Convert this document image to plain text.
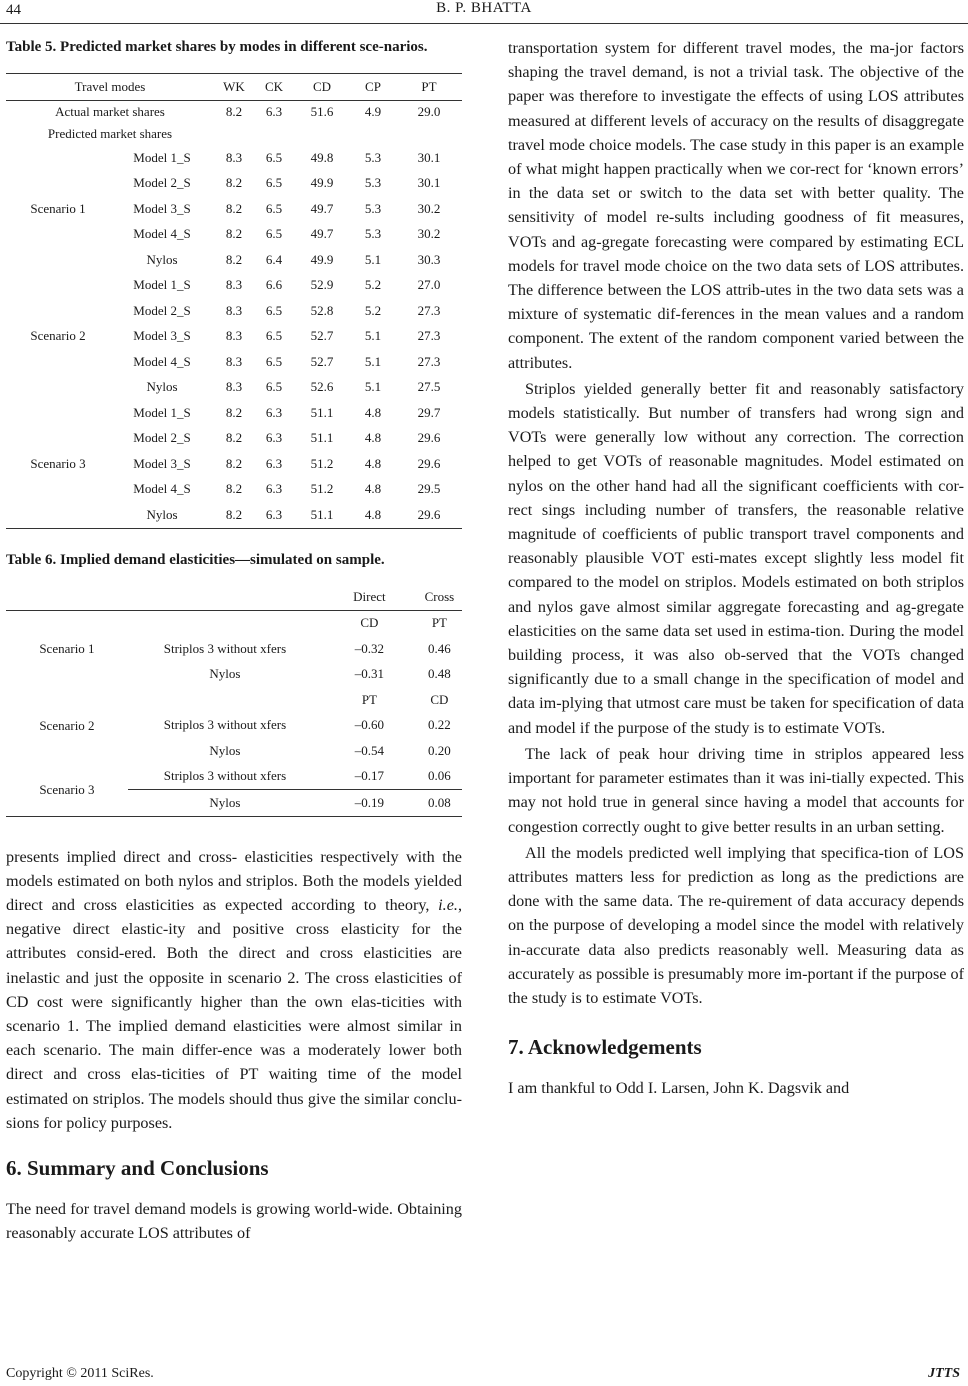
44	B. P. BHATTA
Table 5. Predicted market shares by modes in different sce-narios.
Travel modes		WK	CK	CD	CP	PT
Actual market shares		8.2	6.3	51.6	4.9	29.0
Predicted market shares						
Scenario 1	Model 1_S	8.3	6.5	49.8	5.3	30.1
	Model 2_S	8.2	6.5	49.9	5.3	30.1
	Model 3_S	8.2	6.5	49.7	5.3	30.2
	Model 4_S	8.2	6.5	49.7	5.3	30.2
	Nylos	8.2	6.4	49.9	5.1	30.3
Scenario 2	Model 1_S	8.3	6.6	52.9	5.2	27.0
	Model 2_S	8.3	6.5	52.8	5.2	27.3
	Model 3_S	8.3	6.5	52.7	5.1	27.3
	Model 4_S	8.3	6.5	52.7	5.1	27.3
	Nylos	8.3	6.5	52.6	5.1	27.5
Scenario 3	Model 1_S	8.2	6.3	51.1	4.8	29.7
	Model 2_S	8.2	6.3	51.1	4.8	29.6
	Model 3_S	8.2	6.3	51.2	4.8	29.6
	Model 4_S	8.2	6.3	51.2	4.8	29.5
	Nylos	8.2	6.3	51.1	4.8	29.6
Table 6. Implied demand elasticities—simulated on sample.
		Direct	Cross
		CD	PT
Scenario 1	Striplos 3 without xfers	–0.32	0.46
	Nylos	–0.31	0.48
		PT	CD
Scenario 2	Striplos 3 without xfers	–0.60	0.22
	Nylos	–0.54	0.20
Scenario 3	Striplos 3 without xfers	–0.17	0.06
	Nylos	–0.19	0.08

presents implied direct and cross- elasticities respectively with the models estimated on both nylos and striplos. Both the models yielded direct and cross elasticities as expected according to theory, i.e., negative direct elastic-ity and positive cross elasticity for the attributes consid-ered. Both the direct and cross elasticities are inelastic and just the opposite in scenario 2. The cross elasticities of CD cost were significantly higher than the own elas-ticities with scenario 1. The implied demand elasticities were almost similar in each scenario. The main differ-ence was a moderately lower both direct and cross elas-ticities of PT waiting time of the model estimated on striplos. The models should thus give the similar conclu-sions for policy purposes.

6. Summary and Conclusions

The need for travel demand models is growing world-wide. Obtaining reasonably accurate LOS attributes of

transportation system for different travel modes, the ma-jor factors shaping the travel demand, is not a trivial task. The objective of the paper was therefore to investigate the effects of using LOS attributes measured at different levels of accuracy on the results of disaggregate travel mode choice models. The case study in this paper is an example of what might happen practically when we cor-rect for ‘known errors’ in the data set or switch to the data set with better quality. The sensitivity of model re-sults including goodness of fit measures, VOTs and ag-gregate forecasting were compared by estimating ECL models for travel mode choice on the two data sets of LOS attributes. The difference between the LOS attrib-utes in the two data sets was a mixture of systematic dif-ferences in the mean values and a random component. The extent of the random component varied between the attributes.

Striplos yielded generally better fit and reasonably satisfactory models statistically. But number of transfers had wrong sign and VOTs were generally low without any correction. The correction helped to get VOTs of reasonable magnitudes. Model estimated on nylos on the other hand had all the significant coefficients with cor-rect sings including number of transfers, the reasonable relative magnitude of coefficients of public transport travel components and reasonably plausible VOT esti-mates except slightly less model fit compared to the model on striplos. Models estimated on both striplos and nylos gave almost similar aggregate forecasting and ag-gregate elasticities on the same data set used in estima-tion. During the model building process, it was also ob-served that the VOTs changed significantly due to a small change in the specification of model and data im-plying that utmost care must be taken for specification of data and model if the purpose of the study is to estimate VOTs.

The lack of peak hour driving time in striplos appeared less important for parameter estimates than it was ini-tially expected. This may not hold true in general since having a model that accounts for congestion correctly ought to give better results in an urban setting.

All the models predicted well implying that specifica-tion of LOS attributes matters less for prediction as long as the predictions are done with the same data. The re-quirement of data accuracy depends on the purpose of developing a model since the model with relatively in-accurate data also predicts reasonably well. Measuring data as accurately as possible is presumably more im-portant if the purpose of the study is to estimate VOTs.

7. Acknowledgements

I am thankful to Odd I. Larsen, John K. Dagsvik and

Copyright © 2011 SciRes.	JTTS
